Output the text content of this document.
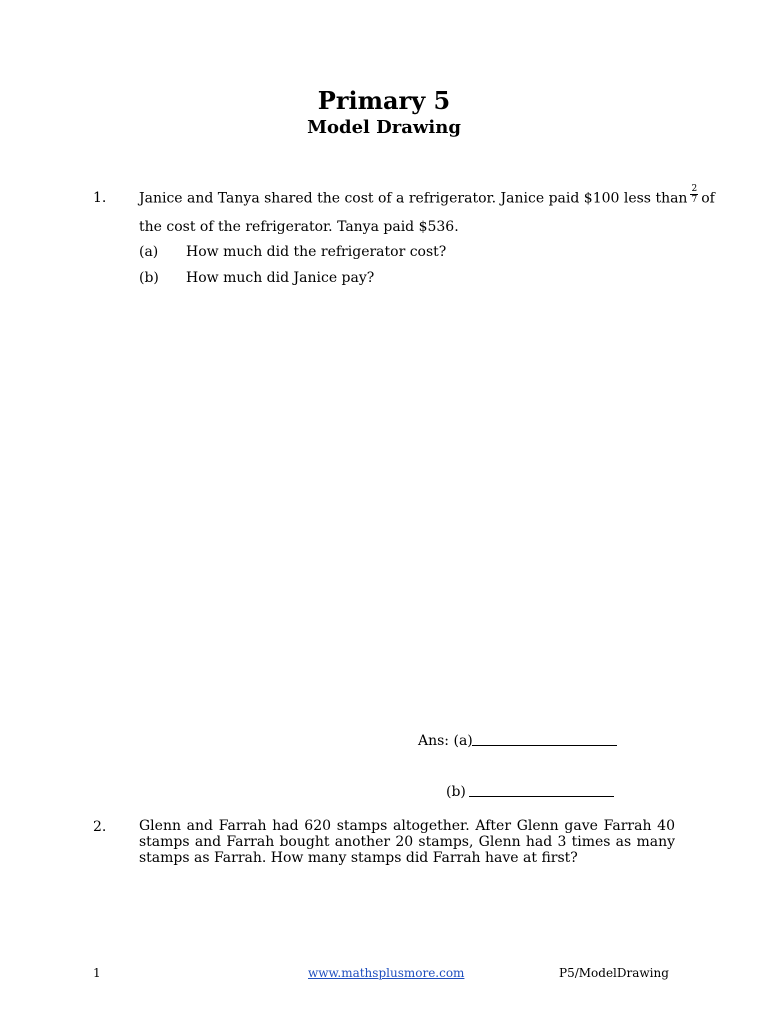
Primary 5
Model Drawing
1. Janice and Tanya shared the cost of a refrigerator. Janice paid $100 less than $\frac{2}{7}$ of
the cost of the refrigerator. Tanya paid $536.
(a) How much did the refrigerator cost?
(b) How much did Janice pay?
Ans: (a)
(b)
2. Glenn and Farrah had 620 stamps altogether. After Glenn gave Farrah 40 stamps and Farrah bought another 20 stamps, Glenn had 3 times as many stamps as Farrah. How many stamps did Farrah have at first?
1	www.mathsplusmore.com	P5/ModelDrawing
